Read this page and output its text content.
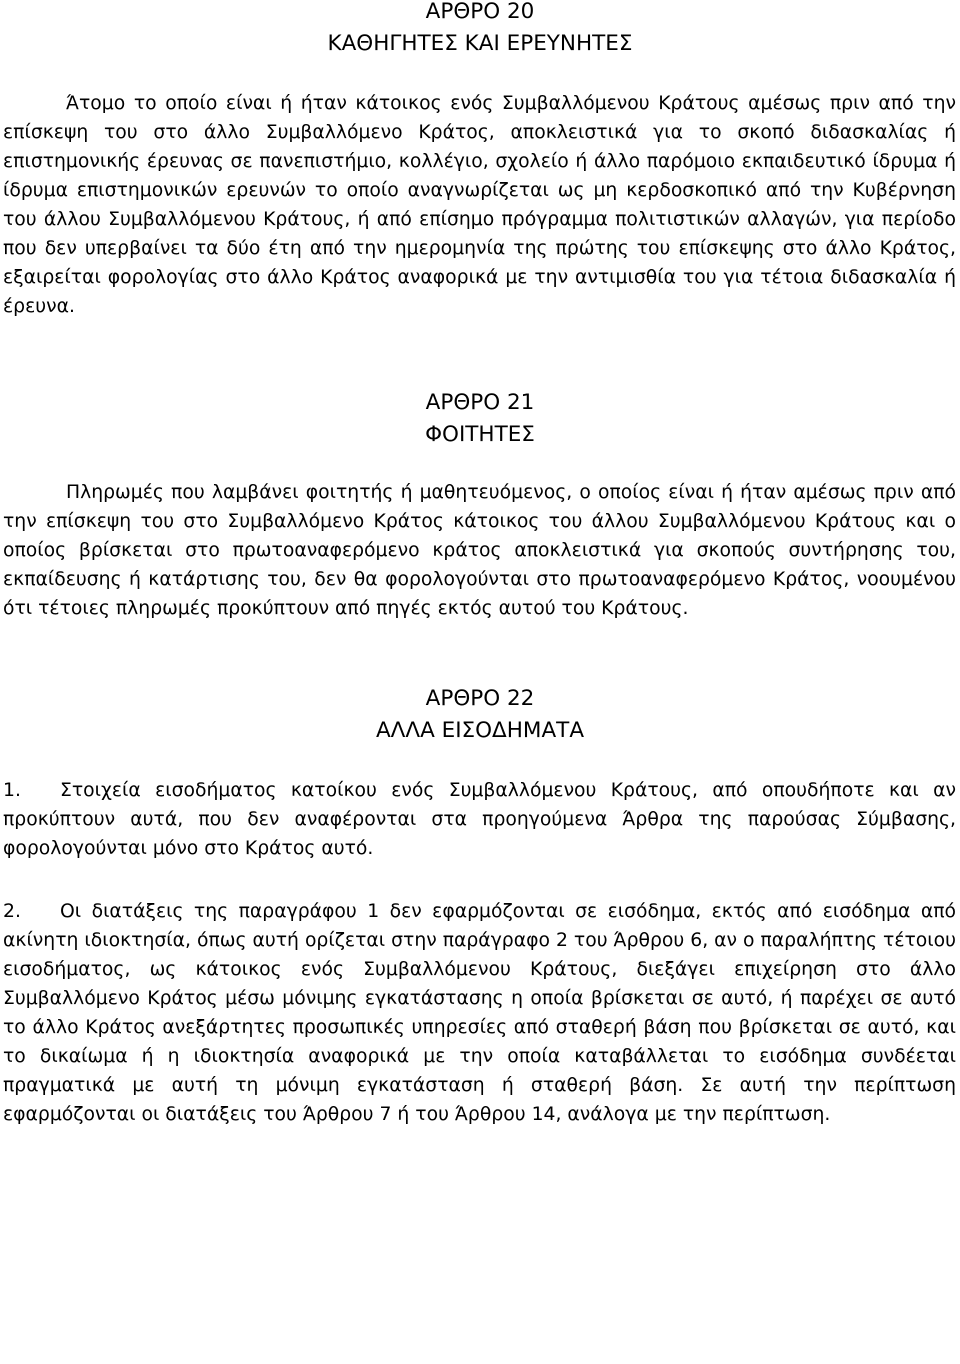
ΑΡΘΡΟ 20
ΚΑΘΗΓΗΤΕΣ ΚΑΙ ΕΡΕΥΝΗΤΕΣ

Άτομο το οποίο είναι ή ήταν κάτοικος ενός Συμβαλλόμενου Κράτους αμέσως πριν από την επίσκεψη του στο άλλο Συμβαλλόμενο Κράτος, αποκλειστικά για το σκοπό διδασκαλίας ή επιστημονικής έρευνας σε πανεπιστήμιο, κολλέγιο, σχολείο ή άλλο παρόμοιο εκπαιδευτικό ίδρυμα ή ίδρυμα επιστημονικών ερευνών το οποίο αναγνωρίζεται ως μη κερδοσκοπικό από την Κυβέρνηση του άλλου Συμβαλλόμενου Κράτους, ή από επίσημο πρόγραμμα πολιτιστικών αλλαγών, για περίοδο που δεν υπερβαίνει τα δύο έτη από την ημερομηνία της πρώτης του επίσκεψης στο άλλο Κράτος, εξαιρείται φορολογίας στο άλλο Κράτος αναφορικά με την αντιμισθία του για τέτοια διδασκαλία ή έρευνα.

ΑΡΘΡΟ 21
ΦΟΙΤΗΤΕΣ

Πληρωμές που λαμβάνει φοιτητής ή μαθητευόμενος, ο οποίος είναι ή ήταν αμέσως πριν από την επίσκεψη του στο Συμβαλλόμενο Κράτος κάτοικος του άλλου Συμβαλλόμενου Κράτους και ο οποίος βρίσκεται στο πρωτοαναφερόμενο κράτος αποκλειστικά για σκοπούς συντήρησης του, εκπαίδευσης ή κατάρτισης του, δεν θα φορολογούνται στο πρωτοαναφερόμενο Κράτος, νοουμένου ότι τέτοιες πληρωμές προκύπτουν από πηγές εκτός αυτού του Κράτους.

ΑΡΘΡΟ 22
ΑΛΛΑ ΕΙΣΟΔΗΜΑΤΑ

1. Στοιχεία εισοδήματος κατοίκου ενός Συμβαλλόμενου Κράτους, από οπουδήποτε και αν προκύπτουν αυτά, που δεν αναφέρονται στα προηγούμενα Άρθρα της παρούσας Σύμβασης, φορολογούνται μόνο στο Κράτος αυτό.

2. Οι διατάξεις της παραγράφου 1 δεν εφαρμόζονται σε εισόδημα, εκτός από εισόδημα από ακίνητη ιδιοκτησία, όπως αυτή ορίζεται στην παράγραφο 2 του Άρθρου 6, αν ο παραλήπτης τέτοιου εισοδήματος, ως κάτοικος ενός Συμβαλλόμενου Κράτους, διεξάγει επιχείρηση στο άλλο Συμβαλλόμενο Κράτος μέσω μόνιμης εγκατάστασης η οποία βρίσκεται σε αυτό, ή παρέχει σε αυτό το άλλο Κράτος ανεξάρτητες προσωπικές υπηρεσίες από σταθερή βάση που βρίσκεται σε αυτό, και το δικαίωμα ή η ιδιοκτησία αναφορικά με την οποία καταβάλλεται το εισόδημα συνδέεται πραγματικά με αυτή τη μόνιμη εγκατάσταση ή σταθερή βάση. Σε αυτή την περίπτωση εφαρμόζονται οι διατάξεις του Άρθρου 7 ή του Άρθρου 14, ανάλογα με την περίπτωση.
